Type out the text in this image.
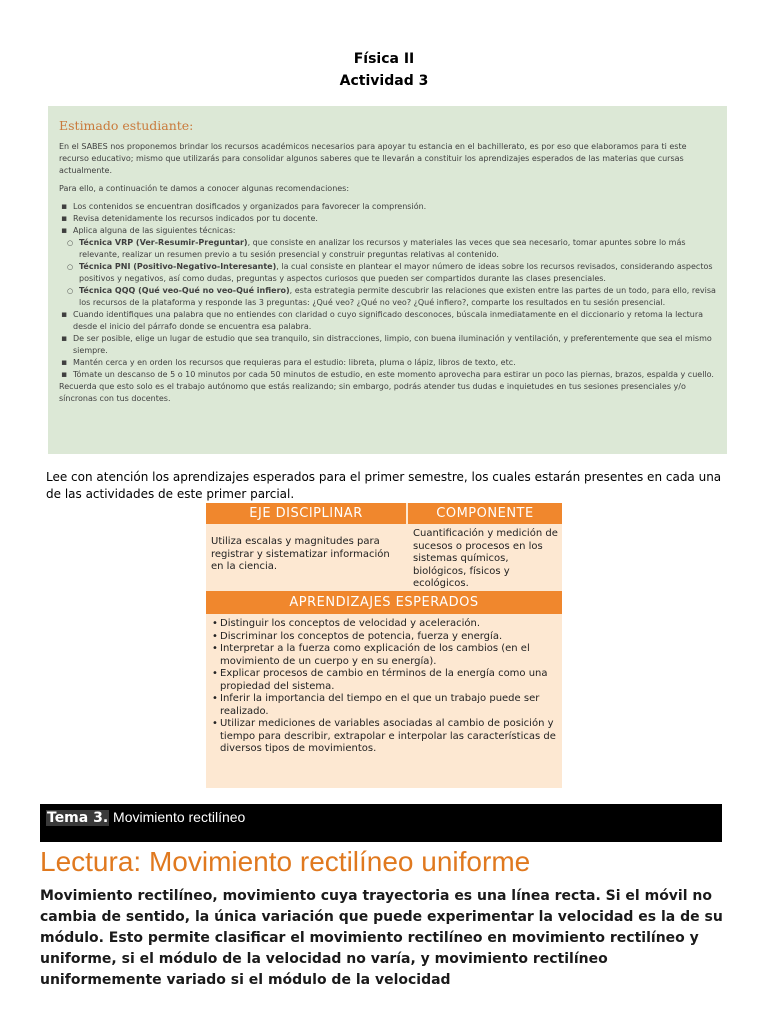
Física II
Actividad 3
Estimado estudiante:

En el SABES nos proponemos brindar los recursos académicos necesarios para apoyar tu estancia en el bachillerato, es por eso que elaboramos para ti este recurso educativo; mismo que utilizarás para consolidar algunos saberes que te llevarán a constituir los aprendizajes esperados de las materias que cursas actualmente.

Para ello, a continuación te damos a conocer algunas recomendaciones:

▪ Los contenidos se encuentran dosificados y organizados para favorecer la comprensión.
▪ Revisa detenidamente los recursos indicados por tu docente.
▪ Aplica alguna de las siguientes técnicas:
○ Técnica VRP (Ver-Resumir-Preguntar), que consiste en analizar los recursos y materiales las veces que sea necesario, tomar apuntes sobre lo más relevante, realizar un resumen previo a tu sesión presencial y construir preguntas relativas al contenido.
○ Técnica PNI (Positivo-Negativo-Interesante), la cual consiste en plantear el mayor número de ideas sobre los recursos revisados, considerando aspectos positivos y negativos, así como dudas, preguntas y aspectos curiosos que pueden ser compartidos durante las clases presenciales.
○ Técnica QQQ (Qué veo-Qué no veo-Qué infiero), esta estrategia permite descubrir las relaciones que existen entre las partes de un todo, para ello, revisa los recursos de la plataforma y responde las 3 preguntas: ¿Qué veo? ¿Qué no veo? ¿Qué infiero?, comparte los resultados en tu sesión presencial.
▪ Cuando identifiques una palabra que no entiendes con claridad o cuyo significado desconoces, búscala inmediatamente en el diccionario y retoma la lectura desde el inicio del párrafo donde se encuentra esa palabra.
▪ De ser posible, elige un lugar de estudio que sea tranquilo, sin distracciones, limpio, con buena iluminación y ventilación, y preferentemente que sea el mismo siempre.
▪ Mantén cerca y en orden los recursos que requieras para el estudio: libreta, pluma o lápiz, libros de texto, etc.
▪ Tómate un descanso de 5 o 10 minutos por cada 50 minutos de estudio, en este momento aprovecha para estirar un poco las piernas, brazos, espalda y cuello.

Recuerda que esto solo es el trabajo autónomo que estás realizando; sin embargo, podrás atender tus dudas e inquietudes en tus sesiones presenciales y/o síncronas con tus docentes.

Lee con atención los aprendizajes esperados para el primer semestre, los cuales estarán presentes en cada una de las actividades de este primer parcial.
EJE DISCIPLINAR	COMPONENTE
Utiliza escalas y magnitudes para registrar y sistematizar información en la ciencia.
Cuantificación y medición de sucesos o procesos en los sistemas químicos, biológicos, físicos y ecológicos.
APRENDIZAJES ESPERADOS
• Distinguir los conceptos de velocidad y aceleración.
• Discriminar los conceptos de potencia, fuerza y energía.
• Interpretar a la fuerza como explicación de los cambios (en el movimiento de un cuerpo y en su energía).
• Explicar procesos de cambio en términos de la energía como una propiedad del sistema.
• Inferir la importancia del tiempo en el que un trabajo puede ser realizado.
• Utilizar mediciones de variables asociadas al cambio de posición y tiempo para describir, extrapolar e interpolar las características de diversos tipos de movimientos.
Tema 3. Movimiento rectilíneo
Lectura: Movimiento rectilíneo uniforme
Movimiento rectilíneo, movimiento cuya trayectoria es una línea recta. Si el móvil no cambia de sentido, la única variación que puede experimentar la velocidad es la de su módulo. Esto permite clasificar el movimiento rectilíneo en movimiento rectilíneo y uniforme, si el módulo de la velocidad no varía, y movimiento rectilíneo uniformemente variado si el módulo de la velocidad
